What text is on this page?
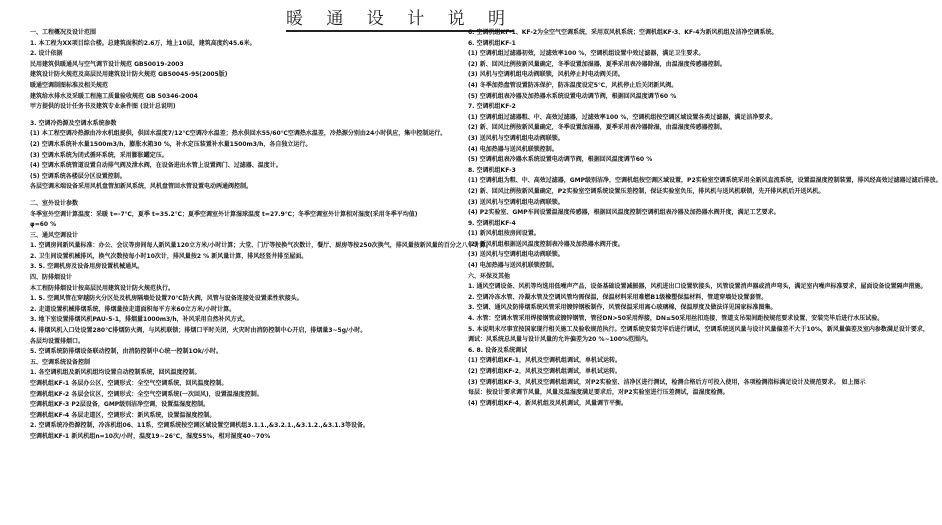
暖 通 设 计 说 明
一、工程概况及设计范围
1. 本工程为XX项目综合楼。总建筑面积约2.6万，地上10层，建筑高度约45.6米。
2. 设计依据
民用建筑供暖通风与空气调节设计规范 GB50019-2003
建筑设计防火规范及高层民用建筑设计防火规范 GB50045-95(2005版)
暖通空调制图标准及相关规范
建筑给水排水及采暖工程施工质量验收规范 GB 50346-2004
甲方提供的设计任务书及建筑专业条件图 (设计总说明)
3. 空调冷热源及空调水系统参数
(1) 本工程空调冷热源由冷水机组提供，供回水温度7/12℃空调冷水温差；热水供回水55/60℃空调热水温差，冷热源分别由24小时供应，集中控制运行。
(2) 空调水系统补水量1500m3/h，膨胀水箱30 %，补水定压装置补水量1500m3/h，各自独立运行。
(3) 空调水系统为闭式循环系统，采用膨胀罐定压。
(4) 空调水系统管道设置自动排气阀及泄水阀，在设备进出水管上设置阀门、过滤器、温度计。
(5) 空调系统各楼层分区设置控制。
各层空调末端设备采用风机盘管加新风系统，风机盘管回水管设置电动两通阀控制。
二、室外设计参数
冬季室外空调计算温度：采暖 t=-7℃，夏季 t=35.2℃；夏季空调室外计算湿球温度 t=27.9℃；冬季空调室外计算相对湿度(采用冬季平均值)
φ=60 %
三、通风空调设计
1. 空调房间新风量标准：办公、会议等房间每人新风量120立方米/小时计算；大堂、门厅等按换气次数计，餐厅、厨房等按250次换气，排风量按新风量的百分之八十计算。
2. 卫生间设置机械排风，换气次数按每小时10次计，排风量按2 % 新风量计算，排风经竖井排至屋面。
3. 5. 空调机房及设备用房设置机械通风。
四、防排烟设计
本工程防排烟设计按高层民用建筑设计防火规范执行。
1. 5. 空调风管在穿越防火分区处及机房隔墙处设置70℃防火阀，风管与设备连接处设置柔性软接头。
2. 走道设置机械排烟系统，排烟量按走道面积每平方米60立方米/小时计算。
3. 地下室设置排烟风机PAU-5-1，排烟量1000m3/h，补风采用自然补风方式。
4. 排烟风机入口处设置280℃排烟防火阀，与风机联锁；排烟口平时关闭，火灾时由消防控制中心开启，排烟量3~5g/小时。
各层均设置排烟口。
5. 空调系统防排烟设备联动控制，由消防控制中心统一控制1Ok/小时。
五、空调系统设备控制
1. 各空调机组及新风机组均设置自动控制系统，回风温度控制。
空调机组KF-1 各层办公区，空调形式：全空气空调系统，回风温度控制。
空调机组KF-2 各层会议区，空调形式：全空气空调系统(一次回风)，设置温湿度控制。
空调机组KF-3 P2层设备，GMP级别洁净空调，设置温湿度控制。
空调机组KF-4 各层走道区，空调形式：新风系统，设置温湿度控制。
2. 空调系统冷热源控制，冷冻机组06、11系，空调系统按空调区域设置空调机组3.1.1.,&3.2.1.,&3.1.2.,&3.1.3等设备。
空调机组KF-1 新风机组n=10次/小时，温度19~26℃，湿度55%，相对湿度40~70%
6. 空调机组KF-1、KF-2为全空气空调系统，采用双风机系统；空调机组KF-3、KF-4为新风机组及洁净空调系统。
6. 空调机组KF-1
(1) 空调机组过滤器初效，过滤效率100 %，空调机组设置中效过滤器，满足卫生要求。
(2) 新、回风比例按新风量确定，冬季设置加湿器，夏季采用表冷器除湿，由温湿度传感器控制。
(3) 风机与空调机组电动阀联锁，风机停止时电动阀关闭。
(4) 冬季加热盘管设置防冻保护，防冻温度设定5℃，风机停止后关闭新风阀。
(5) 空调机组表冷器及加热器水系统设置电动调节阀，根据回风温度调节60 %
7. 空调机组KF-2
(1) 空调机组过滤器粗、中、高效过滤器，过滤效率100 %，空调机组按空调区域设置各类过滤器，满足洁净要求。
(2) 新、回风比例按新风量确定，冬季设置加湿器，夏季采用表冷器除湿，由温湿度传感器控制。
(3) 送风机与空调机组电动阀联锁。
(4) 电加热器与送风机联锁控制。
(5) 空调机组表冷器水系统设置电动调节阀，根据回风温度调节60 %
8. 空调机组KF-3
(1) 空调机组为粗、中、高效过滤器，GMP级别洁净，空调机组按空调区域设置，P2实验室空调系统采用全新风直流系统，设置温湿度控制装置，排风经高效过滤器过滤后排放。
(2) 新、回风比例按新风量确定，P2实验室空调系统设置压差控制，保证实验室负压，排风机与送风机联锁，先开排风机后开送风机。
(3) 送风机与空调机组电动阀联锁。
(4) P2实验室、GMP车间设置温湿度传感器，根据回风温度控制空调机组表冷器及加热器水阀开度，满足工艺要求。
9. 空调机组KF-4
(1) 新风机组按房间设置。
(2) 新风机组根据送风温度控制表冷器及加热器水阀开度。
(3) 送风机与空调机组电动阀联锁。
(4) 电加热器与送风机联锁控制。
六、环保及其他
1. 通风空调设备、风机等均选用低噪声产品，设备基础设置减振器，风机进出口设置软接头，风管设置消声器或消声弯头，满足室内噪声标准要求，屋面设备设置隔声措施。
2. 空调冷冻水管、冷凝水管及空调风管均需保温，保温材料采用难燃B1级橡塑保温材料，管道穿墙处设置套管。
3. 空调、通风及防排烟系统风管采用镀锌钢板制作，风管保温采用离心玻璃棉，保温厚度及做法详见国家标准图集。
4. 水管：空调水管采用焊接钢管或镀锌钢管，管径DN>50采用焊接，DN≤50采用丝扣连接，管道支吊架间距按规范要求设置，安装完毕后进行水压试验。
5. 本说明未尽事宜按国家现行相关施工及验收规范执行。空调系统安装完毕后进行调试，空调系统送风量与设计风量偏差不大于10%，新风量偏差及室内参数满足设计要求，
调试：风系统总风量与设计风量的允许偏差为20 %~100%范围内。
6. 8. 设备及系统调试
(1) 空调机组KF-1，风机及空调机组调试，单机试运转。
(2) 空调机组KF-2，风机及空调机组调试，单机试运转。
(3) 空调机组KF-3，风机及空调机组调试，对P2实验室、洁净区进行测试，检测合格后方可投入使用，各项检测指标满足设计及规范要求。 如上图示
每层：按设计要求调节风量，风量及温湿度满足要求后，对P2实验室进行压差测试，温湿度检测。
(4) 空调机组KF-4，新风机组及风机调试，风量调节平衡。
